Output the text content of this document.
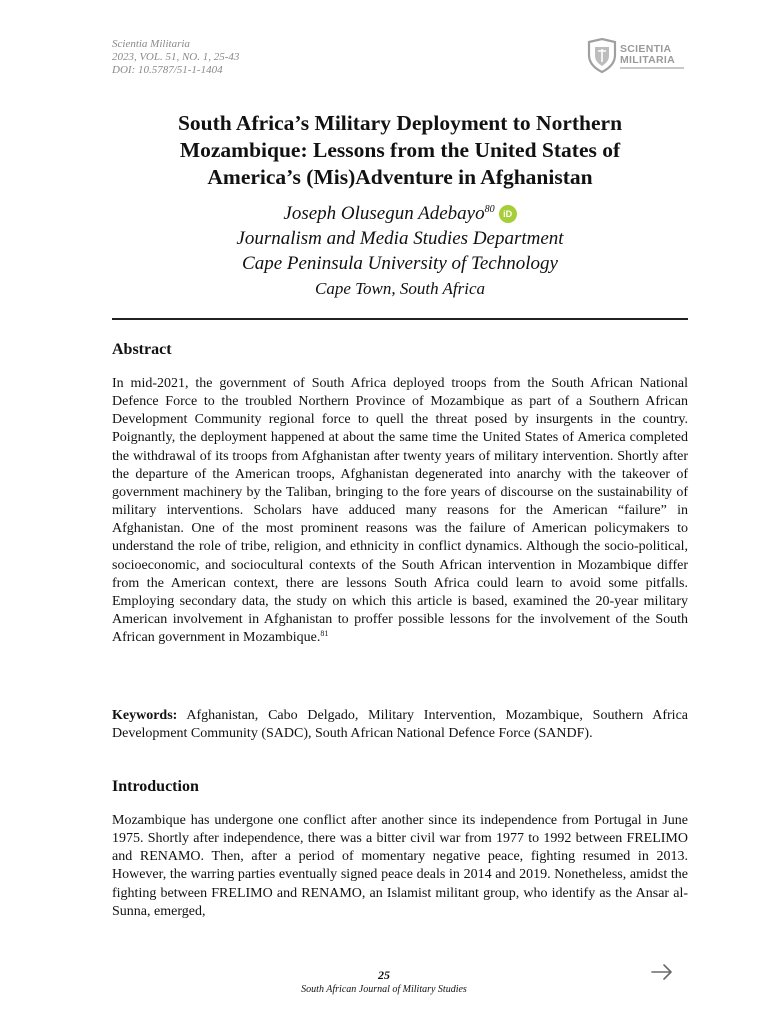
Scientia Militaria
2023, VOL. 51, NO. 1, 25-43
DOI: 10.5787/51-1-1404
SCIENTIA
MILITARIA
South Africa’s Military Deployment to Northern
Mozambique: Lessons from the United States of
America’s (Mis)Adventure in Afghanistan
Joseph Olusegun Adebayo$^{80}$ iD
Journalism and Media Studies Department
Cape Peninsula University of Technology
Cape Town, South Africa
Abstract

In mid-2021, the government of South Africa deployed troops from the South African National Defence Force to the troubled Northern Province of Mozambique as part of a Southern African Development Community regional force to quell the threat posed by insurgents in the country. Poignantly, the deployment happened at about the same time the United States of America completed the withdrawal of its troops from Afghanistan after twenty years of military intervention. Shortly after the departure of the American troops, Afghanistan degenerated into anarchy with the takeover of government machinery by the Taliban, bringing to the fore years of discourse on the sustainability of military interventions. Scholars have adduced many reasons for the American “failure” in Afghanistan. One of the most prominent reasons was the failure of American policymakers to understand the role of tribe, religion, and ethnicity in conflict dynamics. Although the socio-political, socioeconomic, and sociocultural contexts of the South African intervention in Mozambique differ from the American context, there are lessons South Africa could learn to avoid some pitfalls. Employing secondary data, the study on which this article is based, examined the 20-year military American involvement in Afghanistan to proffer possible lessons for the involvement of the South African government in Mozambique.$^{81}$

Keywords: Afghanistan, Cabo Delgado, Military Intervention, Mozambique, Southern Africa Development Community (SADC), South African National Defence Force (SANDF).

Introduction

Mozambique has undergone one conflict after another since its independence from Portugal in June 1975. Shortly after independence, there was a bitter civil war from 1977 to 1992 between FRELIMO and RENAMO. Then, after a period of momentary negative peace, fighting resumed in 2013. However, the warring parties eventually signed peace deals in 2014 and 2019. Nonetheless, amidst the fighting between FRELIMO and RENAMO, an Islamist militant group, who identify as the Ansar al-Sunna, emerged,

25
South African Journal of Military Studies
